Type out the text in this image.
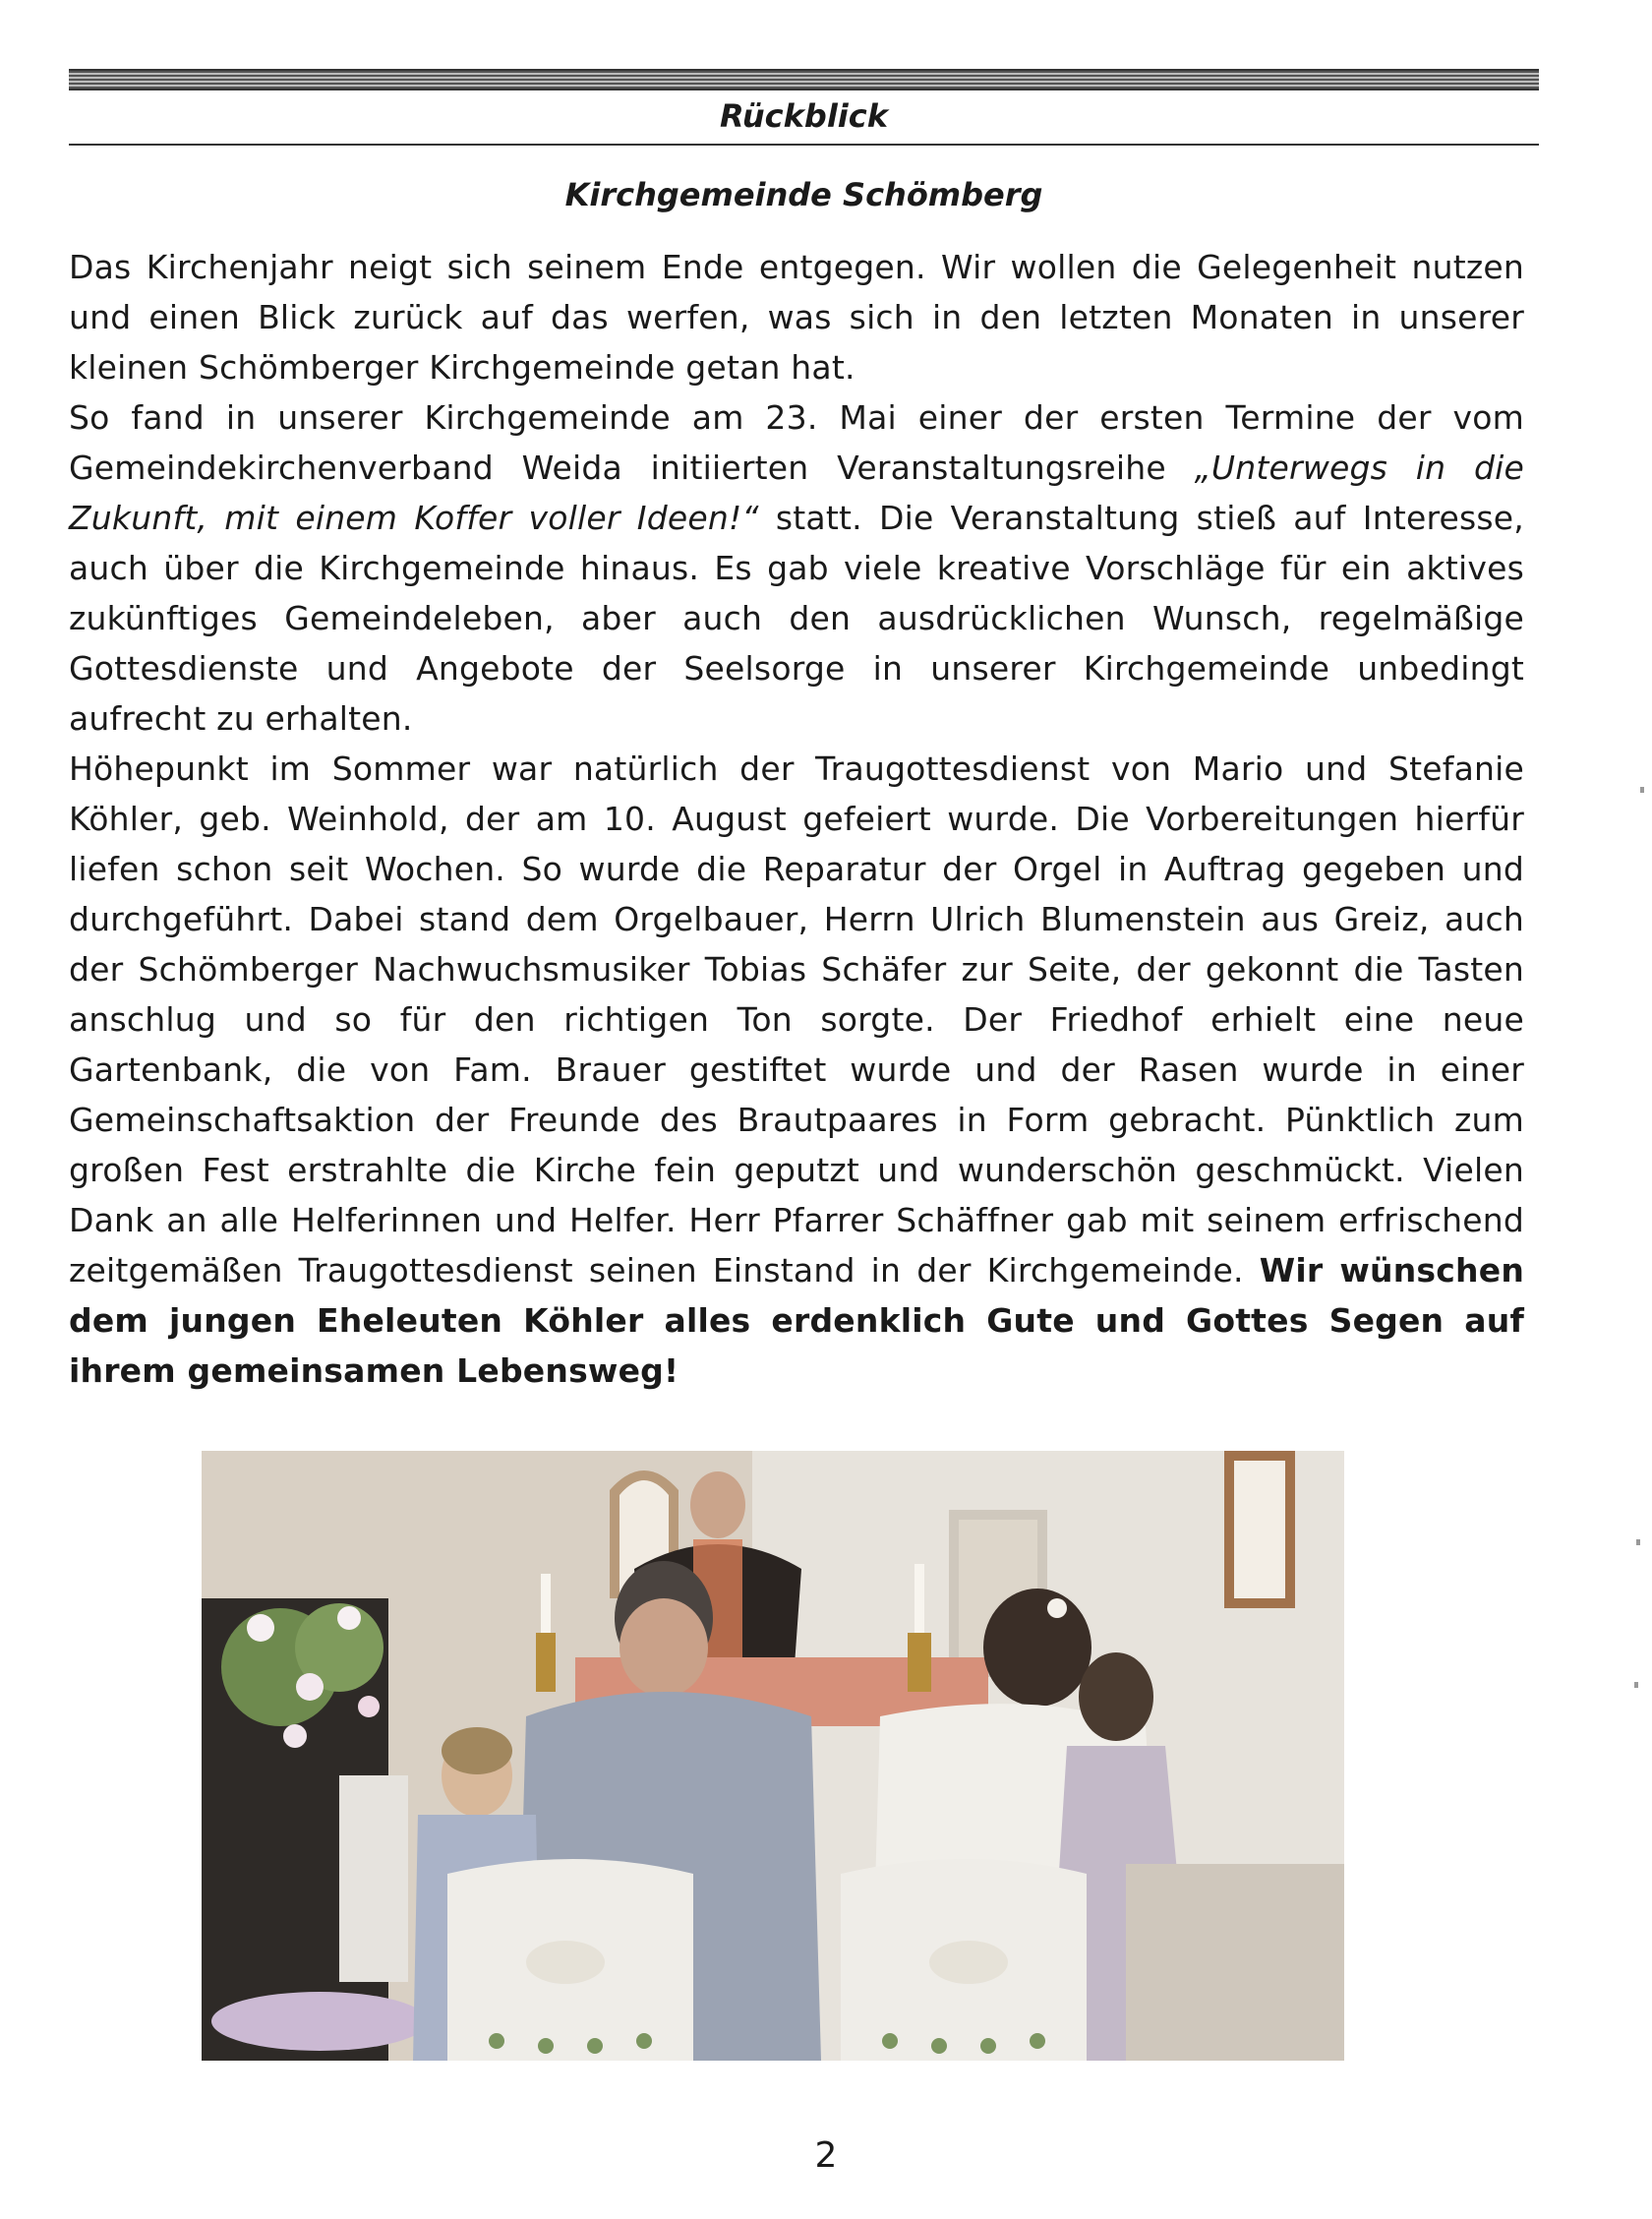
Rückblick
Kirchgemeinde Schömberg

Das Kirchenjahr neigt sich seinem Ende entgegen. Wir wollen die Gelegenheit nutzen und einen Blick zurück auf das werfen, was sich in den letzten Monaten in unserer kleinen Schömberger Kirchgemeinde getan hat.

So fand in unserer Kirchgemeinde am 23. Mai einer der ersten Termine der vom Gemeindekirchenverband Weida initiierten Veranstaltungsreihe „Unterwegs in die Zukunft, mit einem Koffer voller Ideen!“ statt. Die Veranstaltung stieß auf Interesse, auch über die Kirchgemeinde hinaus. Es gab viele kreative Vorschläge für ein aktives zukünftiges Gemeindeleben, aber auch den ausdrücklichen Wunsch, regelmäßige Gottesdienste und Angebote der Seelsorge in unserer Kirchgemeinde unbedingt aufrecht zu erhalten.

Höhepunkt im Sommer war natürlich der Traugottesdienst von Mario und Stefanie Köhler, geb. Weinhold, der am 10. August gefeiert wurde. Die Vorbereitungen hierfür liefen schon seit Wochen. So wurde die Reparatur der Orgel in Auftrag gegeben und durchgeführt. Dabei stand dem Orgelbauer, Herrn Ulrich Blumenstein aus Greiz, auch der Schömberger Nachwuchsmusiker Tobias Schäfer zur Seite, der gekonnt die Tasten anschlug und so für den richtigen Ton sorgte. Der Friedhof erhielt eine neue Gartenbank, die von Fam. Brauer gestiftet wurde und der Rasen wurde in einer Gemeinschaftsaktion der Freunde des Brautpaares in Form gebracht. Pünktlich zum großen Fest erstrahlte die Kirche fein geputzt und wunderschön geschmückt. Vielen Dank an alle Helferinnen und Helfer. Herr Pfarrer Schäffner gab mit seinem erfrischend zeitgemäßen Traugottesdienst seinen Einstand in der Kirchgemeinde. Wir wünschen dem jungen Eheleuten Köhler alles erdenklich Gute und Gottes Segen auf ihrem gemeinsamen Lebensweg!

2
